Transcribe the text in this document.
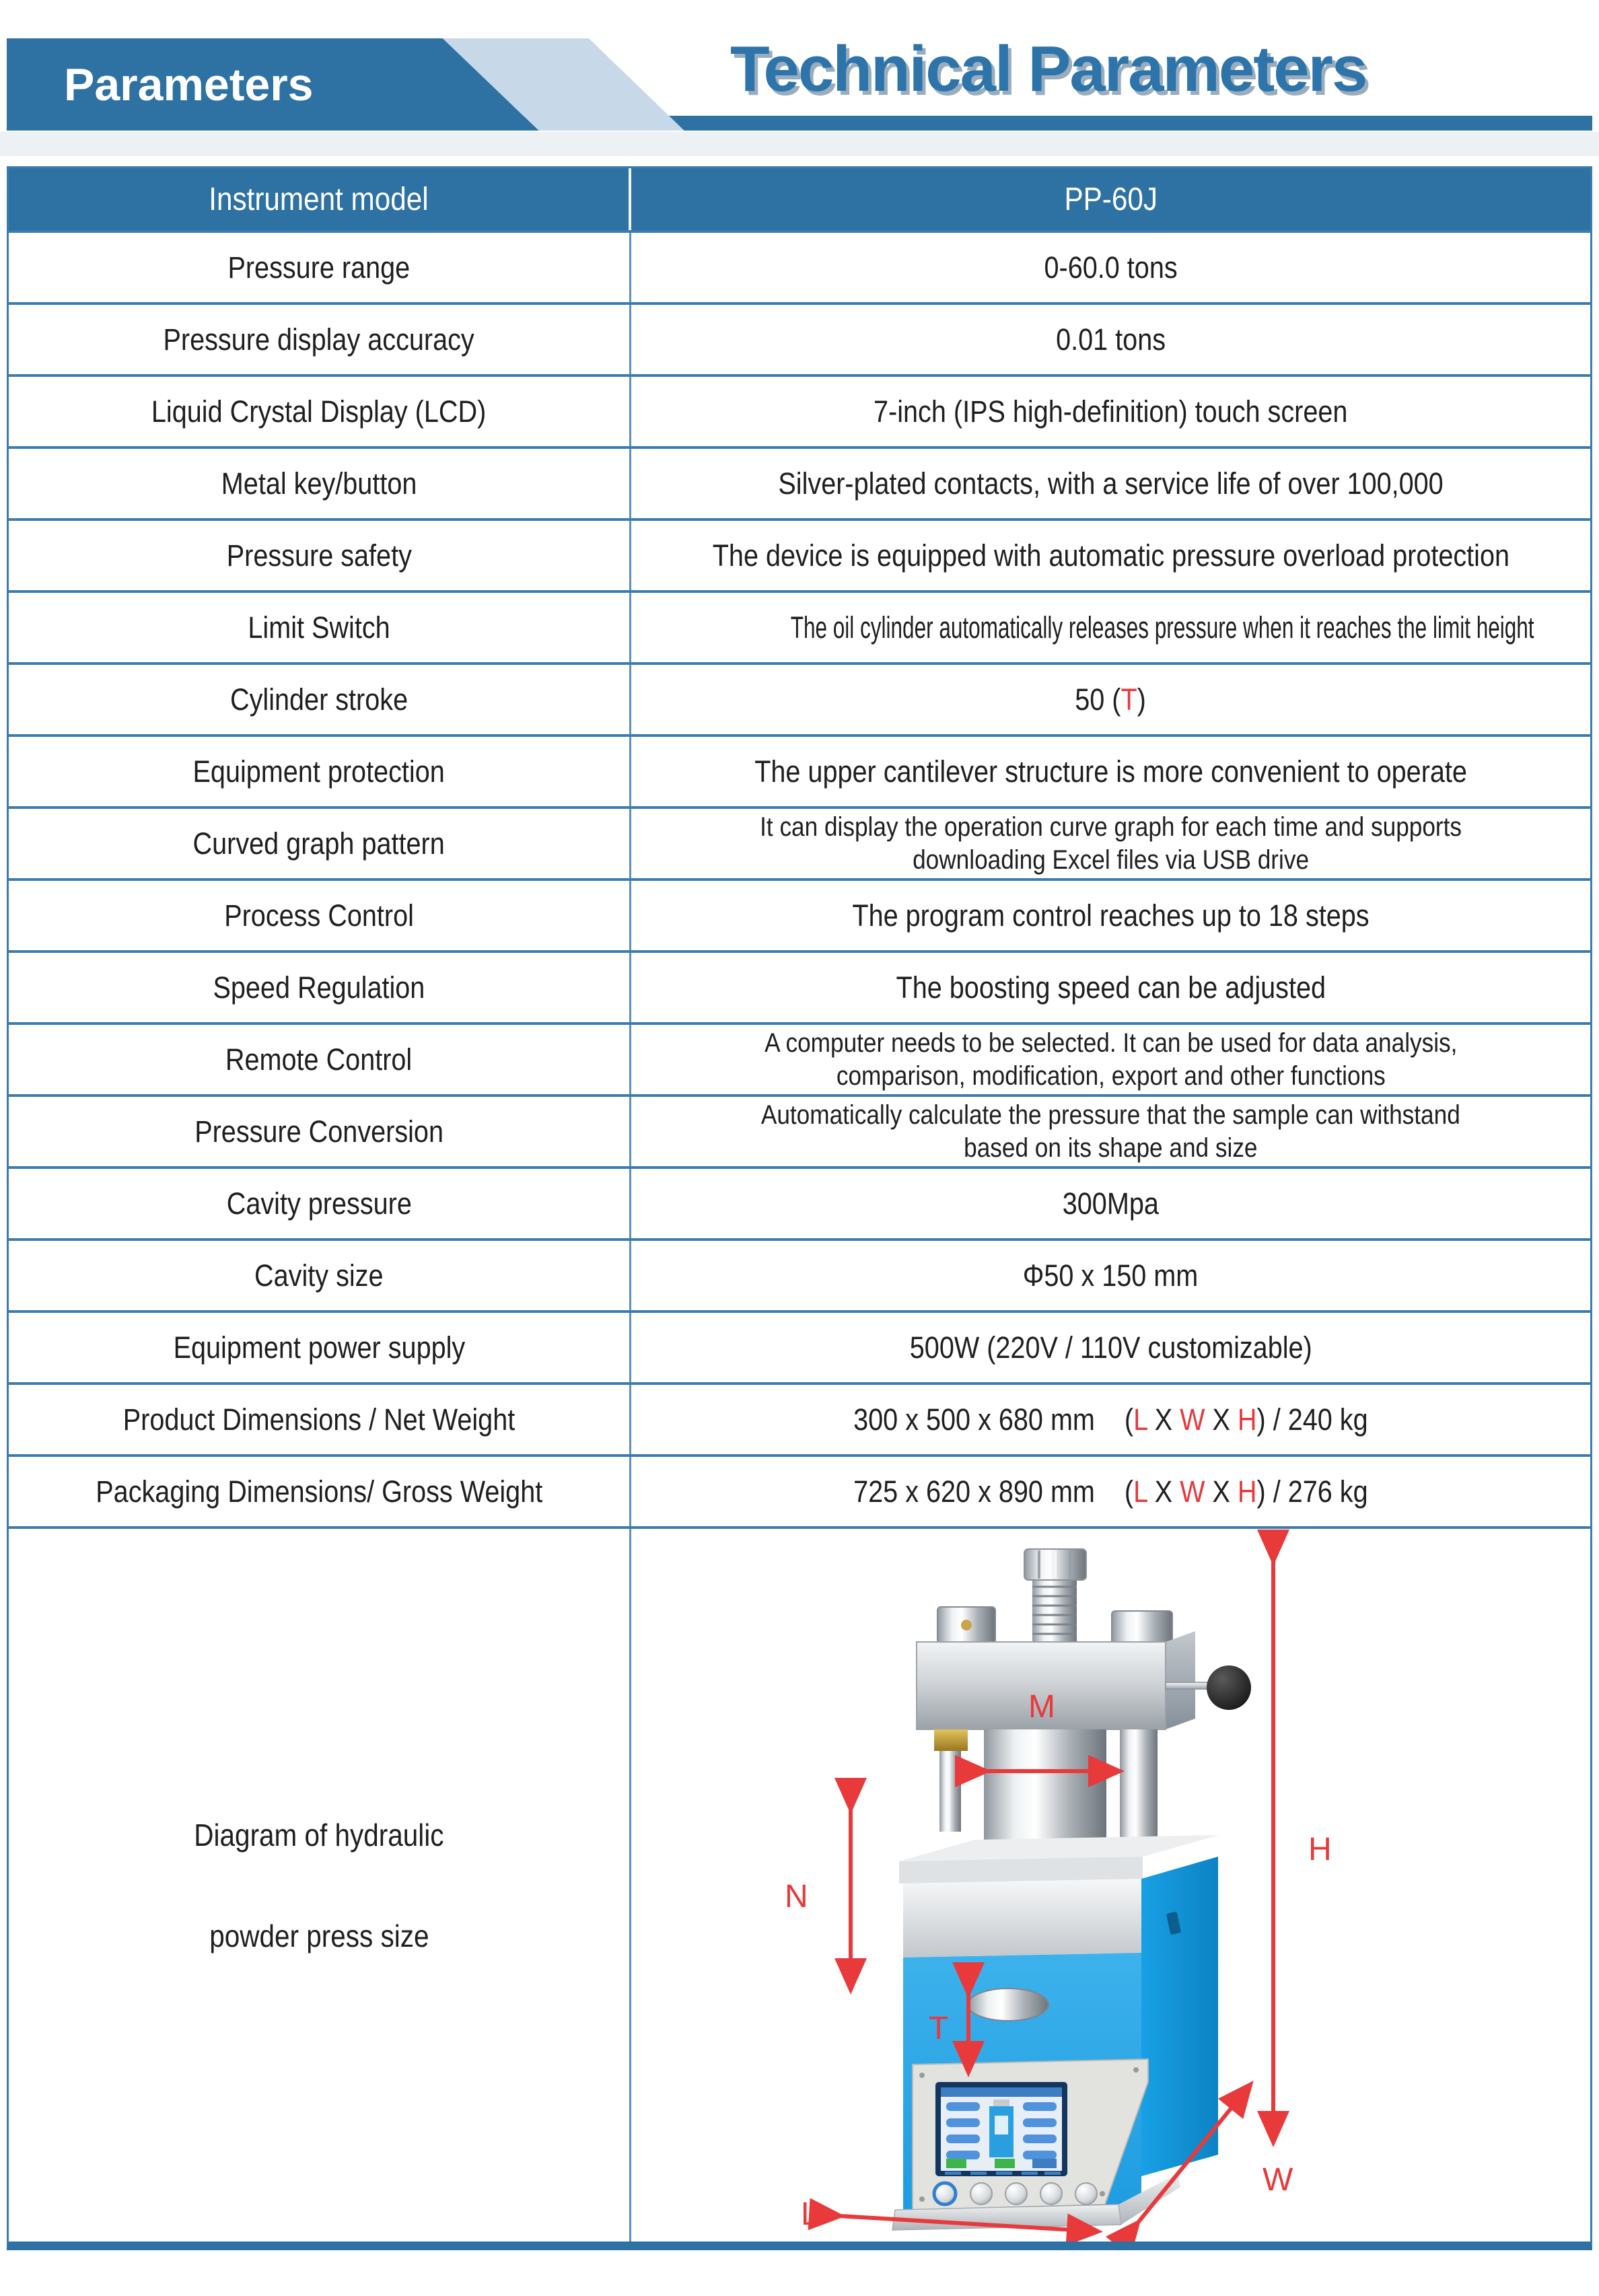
Parameters	Technical Parameters
Instrument model	PP-60J
Pressure range	0-60.0 tons
Pressure display accuracy	0.01 tons
Liquid Crystal Display (LCD)	7-inch (IPS high-definition) touch screen
Metal key/button	Silver-plated contacts, with a service life of over 100,000
Pressure safety	The device is equipped with automatic pressure overload protection
Limit Switch	The oil cylinder automatically releases pressure when it reaches the limit height
Cylinder stroke	50 (T)
Equipment protection	The upper cantilever structure is more convenient to operate
Curved graph pattern	It can display the operation curve graph for each time and supports
downloading Excel files via USB drive
Process Control	The program control reaches up to 18 steps
Speed Regulation	The boosting speed can be adjusted
Remote Control	A computer needs to be selected. It can be used for data analysis,
comparison, modification, export and other functions
Pressure Conversion	Automatically calculate the pressure that the sample can withstand
based on its shape and size
Cavity pressure	300Mpa
Cavity size	Φ50 x 150 mm
Equipment power supply	500W (220V / 110V customizable)
Product Dimensions / Net Weight	300 x 500 x 680 mm    (L X W X H) / 240 kg
Packaging Dimensions/ Gross Weight	725 x 620 x 890 mm    (L X W X H) / 276 kg
Diagram of hydraulic
powder press size
M
N
T
H
W
L
